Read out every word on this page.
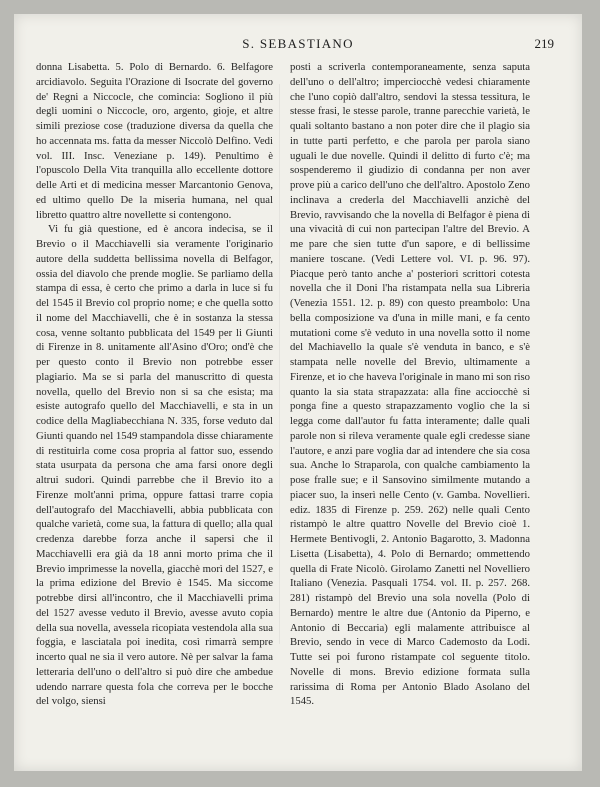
S. SEBASTIANO	219

donna Lisabetta. 5. Polo di Bernardo. 6. Belfagore arcidiavolo. Seguita l'Orazione di Isocrate del governo de' Regni a Niccocle, che comincia: Sogliono il più degli uomini o Niccocle, oro, argento, gioje, et altre simili preziose cose (traduzione diversa da quella che ho accennata ms. fatta da messer Niccolò Delfino. Vedi vol. III. Insc. Veneziane p. 149). Penultimo è l'opuscolo Della Vita tranquilla allo eccellente dottore delle Arti et di medicina messer Marcantonio Genova, ed ultimo quello De la miseria humana, nel qual libretto quattro altre novellette si contengono.

Vi fu già questione, ed è ancora indecisa, se il Brevio o il Macchiavelli sia veramente l'originario autore della suddetta bellissima novella di Belfagor, ossia del diavolo che prende moglie. Se parliamo della stampa di essa, è certo che primo a darla in luce si fu del 1545 il Brevio col proprio nome; e che quella sotto il nome del Macchiavelli, che è in sostanza la stessa cosa, venne soltanto pubblicata del 1549 per li Giunti di Firenze in 8. unitamente all'Asino d'Oro; ond'è che per questo conto il Brevio non potrebbe esser plagiario. Ma se si parla del manuscritto di questa novella, quello del Brevio non si sa che esista; ma esiste autografo quello del Macchiavelli, e sta in un codice della Magliabecchiana N. 335, forse veduto dal Giunti quando nel 1549 stampandola disse chiaramente di restituirla come cosa propria al fattor suo, essendo stata usurpata da persona che ama farsi onore degli altrui sudori. Quindi parrebbe che il Brevio ito a Firenze molt'anni prima, oppure fattasi trarre copia dell'autografo del Macchiavelli, abbia pubblicata con qualche varietà, come sua, la fattura di quello; alla qual credenza darebbe forza anche il sapersi che il Macchiavelli era già da 18 anni morto prima che il Brevio imprimesse la novella, giacchè morì del 1527, e la prima edizione del Brevio è 1545. Ma siccome potrebbe dirsi all'incontro, che il Macchiavelli prima del 1527 avesse veduto il Brevio, avesse avuto copia della sua novella, avessela ricopiata vestendola alla sua foggia, e lasciatala poi inedita, così rimarrà sempre incerto qual ne sia il vero autore. Nè per salvar la fama letteraria dell'uno o dell'altro si può dire che ambedue udendo narrare questa fola che correva per le bocche del volgo, siensi

posti a scriverla contemporaneamente, senza saputa dell'uno o dell'altro; imperciocchè vedesi chiaramente che l'uno copiò dall'altro, sendovi la stessa tessitura, le stesse frasi, le stesse parole, tranne parecchie varietà, le quali soltanto bastano a non poter dire che il plagio sia in tutte parti perfetto, e che parola per parola siano uguali le due novelle. Quindi il delitto di furto c'è; ma sospenderemo il giudizio di condanna per non aver prove più a carico dell'uno che dell'altro. Apostolo Zeno inclinava a crederla del Macchiavelli anzichè del Brevio, ravvisando che la novella di Belfagor è piena di una vivacità di cui non partecipan l'altre del Brevio. A me pare che sien tutte d'un sapore, e di bellissime maniere toscane. (Vedi Lettere vol. VI. p. 96. 97). Piacque però tanto anche a' posteriori scrittori cotesta novella che il Doni l'ha ristampata nella sua Libreria (Venezia 1551. 12. p. 89) con questo preambolo: Una bella composizione va d'una in mille mani, e fa cento mutationi come s'è veduto in una novella sotto il nome del Machiavello la quale s'è venduta in banco, e s'è stampata nelle novelle del Brevio, ultimamente a Firenze, et io che haveva l'originale in mano mi son riso quanto la sia stata strapazzata: alla fine acciocchè si ponga fine a questo strapazzamento voglio che la si legga come dall'autor fu fatta interamente; dalle quali parole non si rileva veramente quale egli credesse siane l'autore, e anzi pare voglia dar ad intendere che sia cosa sua. Anche lo Straparola, con qualche cambiamento la pose fralle sue; e il Sansovino similmente mutando a piacer suo, la inserì nelle Cento (v. Gamba. Novellieri. ediz. 1835 di Firenze p. 259. 262) nelle quali Cento ristampò le altre quattro Novelle del Brevio cioè 1. Hermete Bentivogli, 2. Antonio Bagarotto, 3. Madonna Lisetta (Lisabetta), 4. Polo di Bernardo; ommettendo quella di Frate Nicolò. Girolamo Zanetti nel Novelliero Italiano (Venezia. Pasquali 1754. vol. II. p. 257. 268. 281) ristampò del Brevio una sola novella (Polo di Bernardo) mentre le altre due (Antonio da Piperno, e Antonio di Beccaria) egli malamente attribuisce al Brevio, sendo in vece di Marco Cademosto da Lodi. Tutte sei poi furono ristampate col seguente titolo. Novelle di mons. Brevio edizione formata sulla rarissima di Roma per Antonio Blado Asolano del 1545.
